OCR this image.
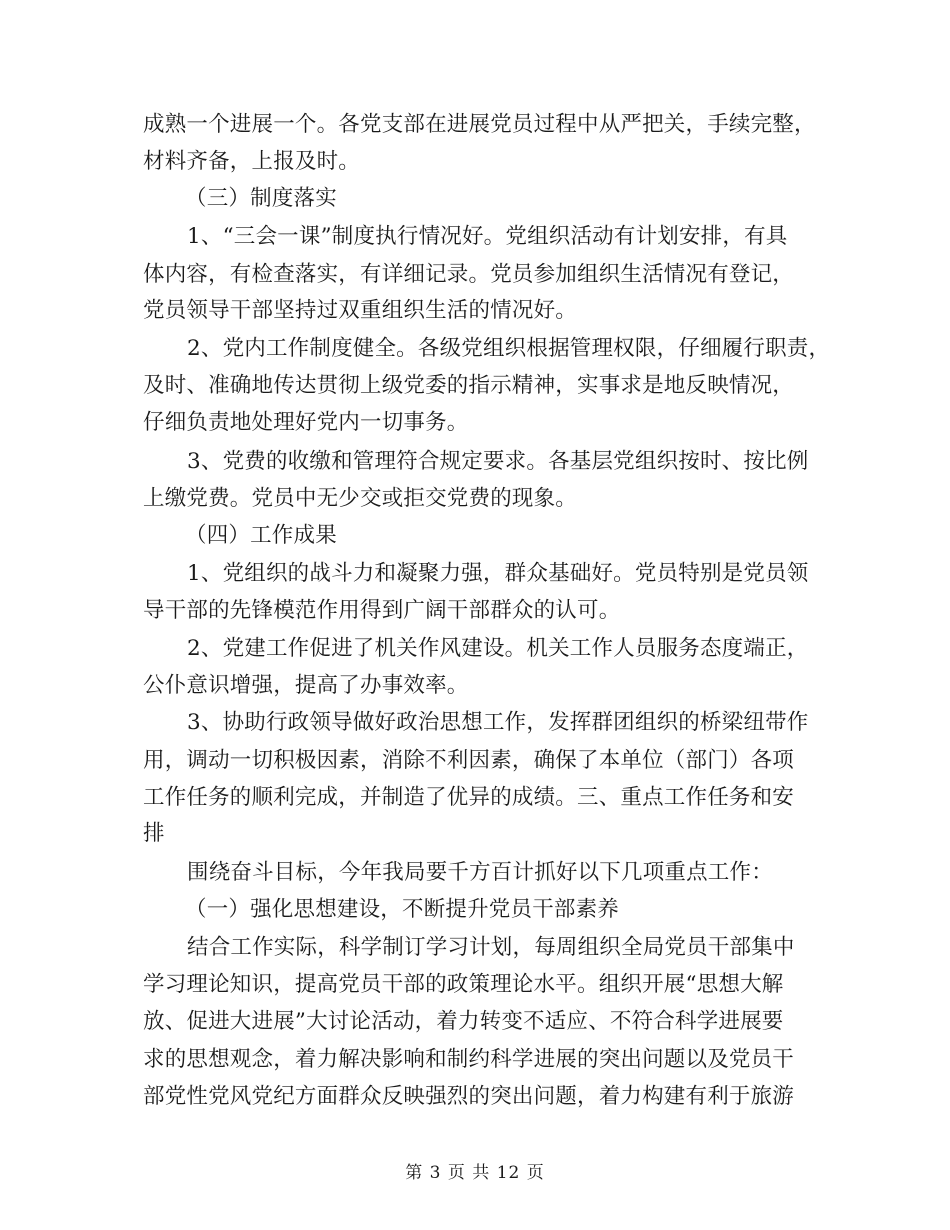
成熟一个进展一个。各党支部在进展党员过程中从严把关，手续完整，
材料齐备，上报及时。
（三）制度落实
1、“三会一课”制度执行情况好。党组织活动有计划安排，有具
体内容，有检查落实，有详细记录。党员参加组织生活情况有登记，
党员领导干部坚持过双重组织生活的情况好。
2、党内工作制度健全。各级党组织根据管理权限，仔细履行职责，
及时、准确地传达贯彻上级党委的指示精神，实事求是地反映情况，
仔细负责地处理好党内一切事务。
3、党费的收缴和管理符合规定要求。各基层党组织按时、按比例
上缴党费。党员中无少交或拒交党费的现象。
（四）工作成果
1、党组织的战斗力和凝聚力强，群众基础好。党员特别是党员领
导干部的先锋模范作用得到广阔干部群众的认可。
2、党建工作促进了机关作风建设。机关工作人员服务态度端正，
公仆意识增强，提高了办事效率。
3、协助行政领导做好政治思想工作，发挥群团组织的桥梁纽带作
用，调动一切积极因素，消除不利因素，确保了本单位（部门）各项
工作任务的顺利完成，并制造了优异的成绩。三、重点工作任务和安
排
围绕奋斗目标，今年我局要千方百计抓好以下几项重点工作：
（一）强化思想建设，不断提升党员干部素养
结合工作实际，科学制订学习计划，每周组织全局党员干部集中
学习理论知识，提高党员干部的政策理论水平。组织开展“思想大解
放、促进大进展”大讨论活动，着力转变不适应、不符合科学进展要
求的思想观念，着力解决影响和制约科学进展的突出问题以及党员干
部党性党风党纪方面群众反映强烈的突出问题，着力构建有利于旅游
第 3 页 共 12 页
